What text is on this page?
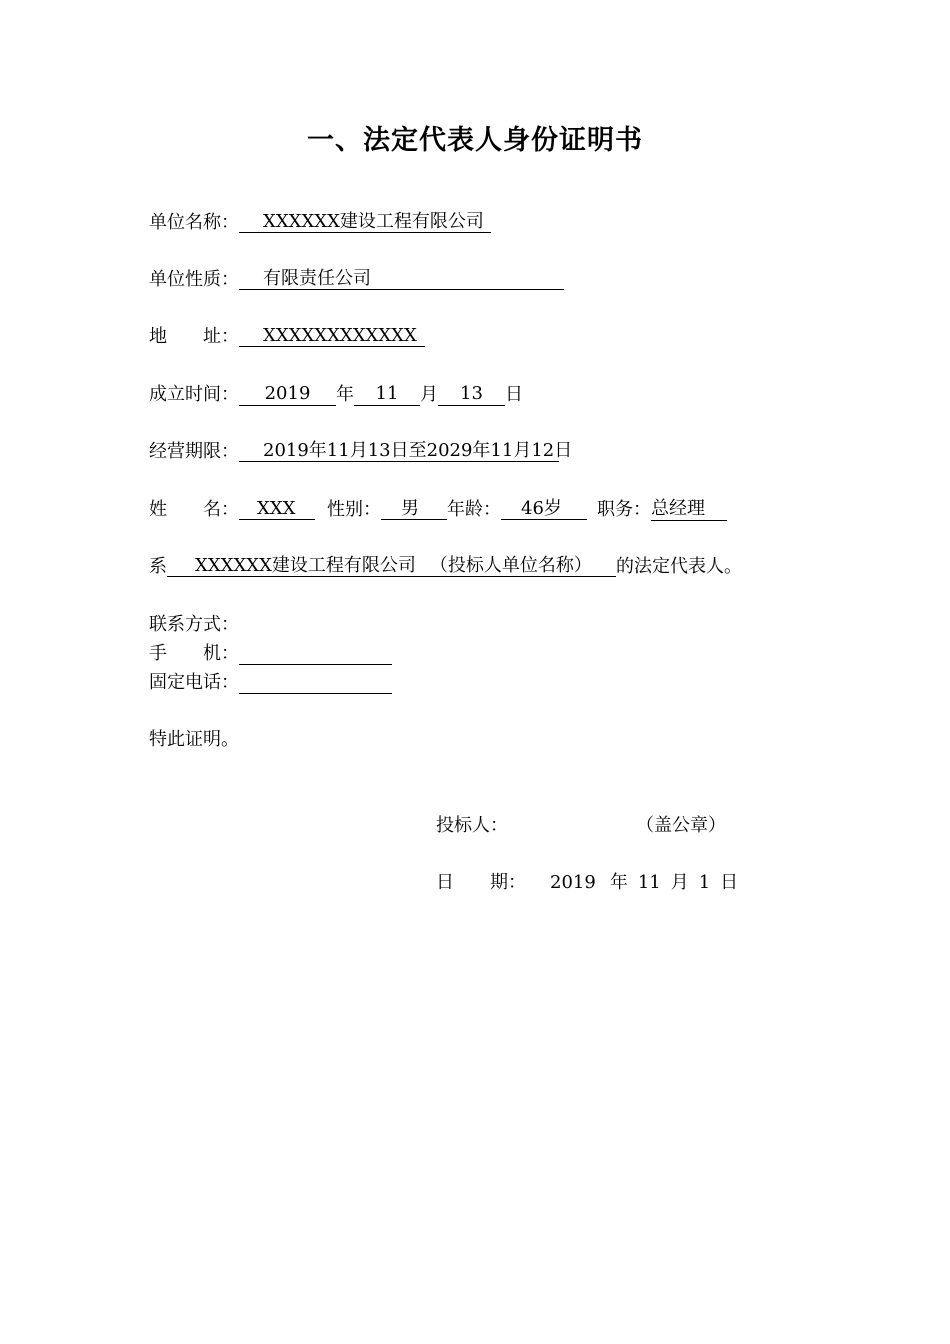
一、法定代表人身份证明书
单位名称： XXXXXX建设工程有限公司
单位性质： 有限责任公司
地　　址： XXXXXXXXXXXX
成立时间： 2019 年 11 月 13 日
经营期限： 2019年11月13日至2029年11月12日
姓　　名： XXX 性别： 男 年龄： 46岁 职务：总经理
系 XXXXXX建设工程有限公司 （投标人单位名称） 的法定代表人。
联系方式：
手　　机：
固定电话：
特此证明。
投标人：	（盖公章）
日　　期： 2019 年 11 月 1 日
